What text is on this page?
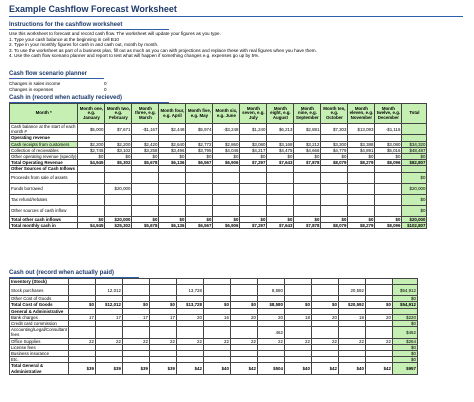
Example Cashflow Forecast Worksheet
Instructions for the cashflow worksheet
Use this worksheet to forecast and record cash flow. The worksheet will update your figures as you type.
1. Type your cash balance at the beginning in cell B10
2. Type in your monthly figures for cash in and cash out, month by month.
3. To use the worksheet as part of a business plan, fill out as much as you can with projections and replace these with real figures when you have them.
4. Use the cash flow scenario planner and report to test what will happen if something changes e.g. expenses go up by 5%.
Cash flow scenario planner
Changes in sales income	0
Changes in expenses	0
Cash in (record when actually recieved)
Month *	Month one, e.g. January	Month two, e.g. February	Month three, e.g. March	Month four, e.g. April	Month five, e.g. May	Month six, e.g. June	Month seven, e.g. July	Month eight, e.g. August	Month nine, e.g. September	Month ten, e.g. October	Month eleven, e.g. November	Month twelve, e.g. December	Total
Cash balance at the start of each month #	$5,000	$7,671	-$1,167	$2,448	$5,974	-$3,248	$1,240	$6,213	$2,881	$7,303	$13,093	-$1,116	
Operating revenue													
Cash receipts from customers	$2,200	$2,200	$2,420	$2,640	$2,772	$2,860	$3,080	$3,168	$3,212	$3,300	$3,388	$3,080	$34,320
Collection of recievables	$2,745	$3,102	$3,258	$3,496	$3,795	$4,046	$4,217	$4,475	$4,666	$4,779	$4,891	$5,016	$48,487
Other operating revenue (specify)	$0	$0	$0	$0	$0	$0	$0	$0	$0	$0	$0	$0	$0
Total Operating Revenue	$4,945	$5,302	$5,678	$6,136	$6,567	$6,906	$7,297	$7,643	$7,878	$8,079	$8,279	$8,096	$82,807
Other Sources of Cash Inflows													
Proceeds from sale of assets													$0
Funds borrowed		$20,000											$20,000
Tax refund/rebates													$0
Other sources of cash inflow													$0
Total other cash inflows	$0	$20,000	$0	$0	$0	$0	$0	$0	$0	$0	$0	$0	$20,000
Total monthly cash in	$4,945	$25,302	$5,678	$6,136	$6,567	$6,906	$7,297	$7,643	$7,878	$8,079	$8,279	$8,096	$102,807
Cash out (record when actually paid)
Inventory (Stock)													
Stock purchases		12,012			13,728			8,580			20,592		$54,912
Other Cost of Goods													$0
Total Cost of Goods	$0	$12,012	$0	$0	$13,728	$0	$0	$8,580	$0	$0	$20,592	$0	$54,912
General & Administrative													
Bank charges	17	17	17	17	20	16	20	20	18	20	18	20	$220
Credit card commission													$0
Accounting/Legal/Consultant fees								462					$462
Office Supplies	22	22	22	22	22	22	22	22	22	22	22	22	$264
License fees													$0
Business insurance													$0
Etc.													$0
Total General & Administrative	$39	$39	$39	$39	$42	$40	$42	$504	$40	$42	$40	$42	$957
